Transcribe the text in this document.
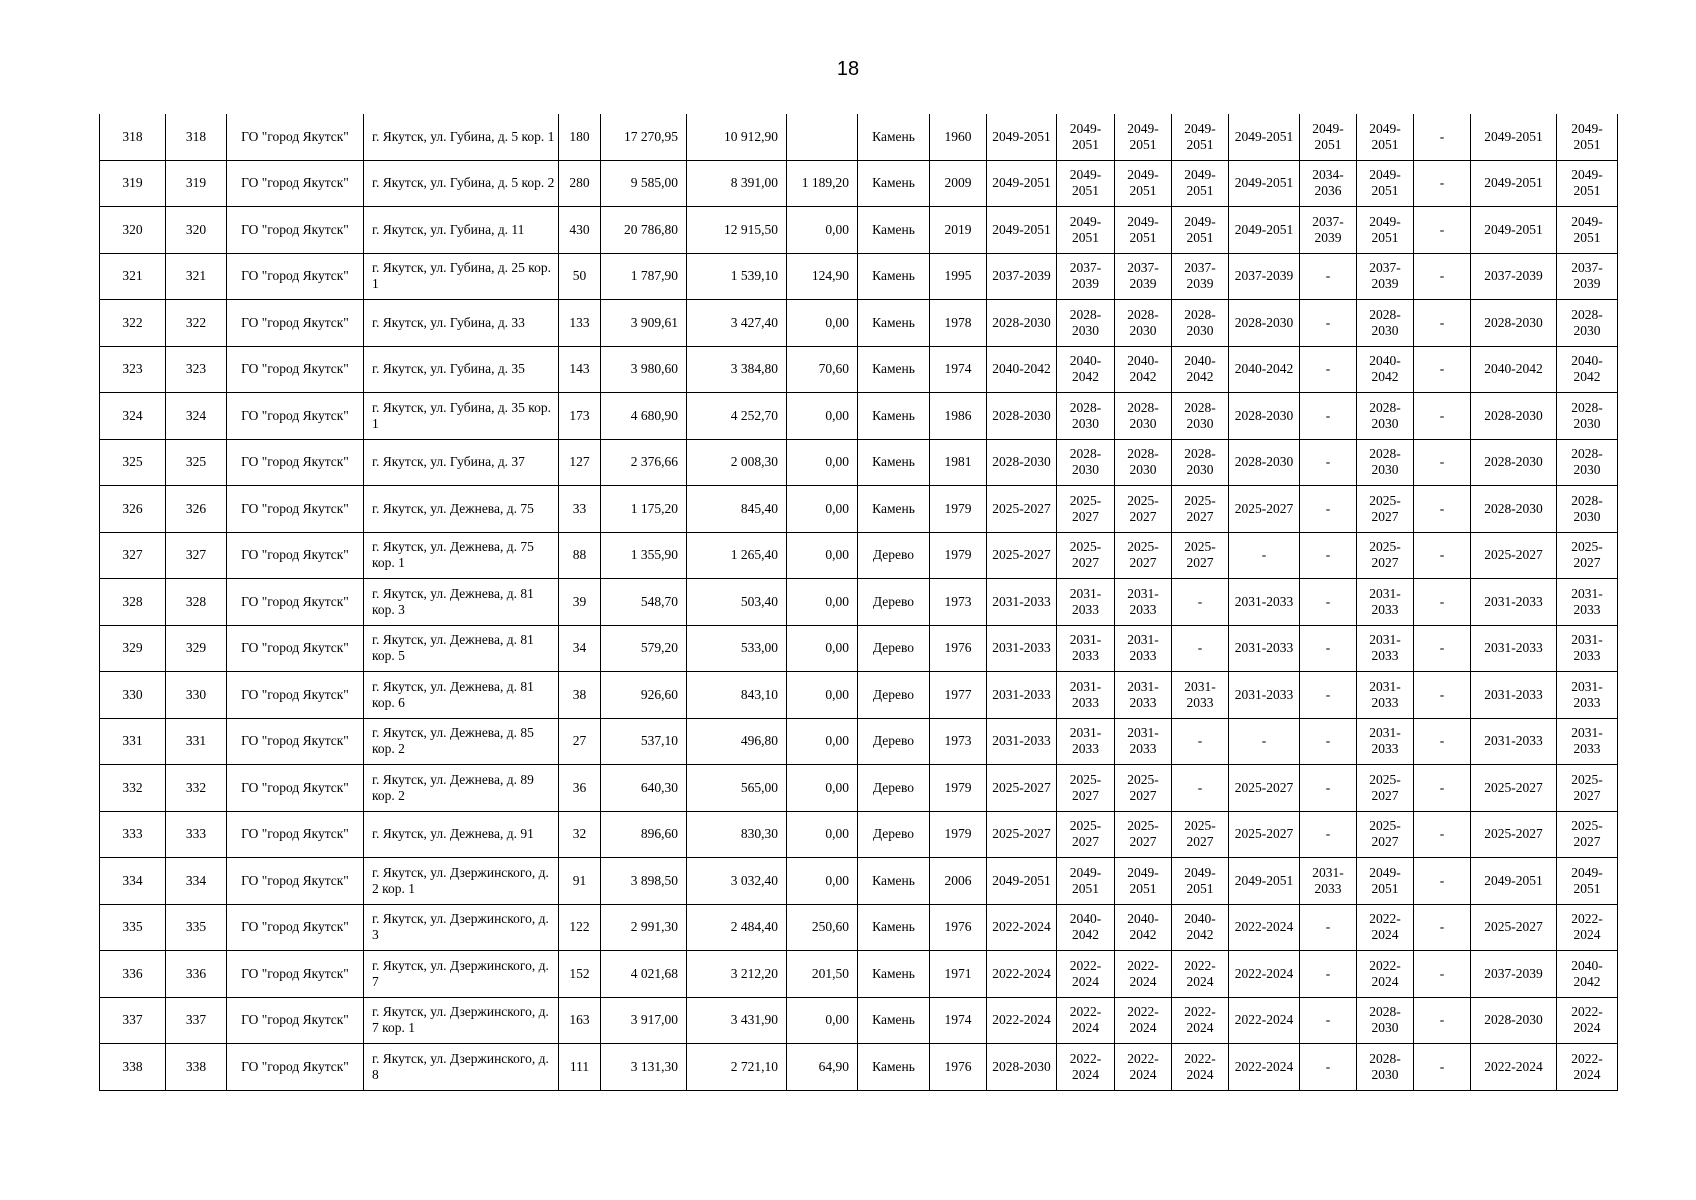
18
318	318	ГО "город Якутск"	г. Якутск, ул. Губина, д. 5 кор. 1	180	17 270,95	10 912,90		Камень	1960	2049-2051	2049-2051	2049-2051	2049-2051	2049-2051	2049-2051	2049-2051	-	2049-2051	2049-2051
319	319	ГО "город Якутск"	г. Якутск, ул. Губина, д. 5 кор. 2	280	9 585,00	8 391,00	1 189,20	Камень	2009	2049-2051	2049-2051	2049-2051	2049-2051	2049-2051	2034-2036	2049-2051	-	2049-2051	2049-2051
320	320	ГО "город Якутск"	г. Якутск, ул. Губина, д. 11	430	20 786,80	12 915,50	0,00	Камень	2019	2049-2051	2049-2051	2049-2051	2049-2051	2049-2051	2037-2039	2049-2051	-	2049-2051	2049-2051
321	321	ГО "город Якутск"	г. Якутск, ул. Губина, д. 25 кор. 1	50	1 787,90	1 539,10	124,90	Камень	1995	2037-2039	2037-2039	2037-2039	2037-2039	2037-2039	-	2037-2039	-	2037-2039	2037-2039
322	322	ГО "город Якутск"	г. Якутск, ул. Губина, д. 33	133	3 909,61	3 427,40	0,00	Камень	1978	2028-2030	2028-2030	2028-2030	2028-2030	2028-2030	-	2028-2030	-	2028-2030	2028-2030
323	323	ГО "город Якутск"	г. Якутск, ул. Губина, д. 35	143	3 980,60	3 384,80	70,60	Камень	1974	2040-2042	2040-2042	2040-2042	2040-2042	2040-2042	-	2040-2042	-	2040-2042	2040-2042
324	324	ГО "город Якутск"	г. Якутск, ул. Губина, д. 35 кор. 1	173	4 680,90	4 252,70	0,00	Камень	1986	2028-2030	2028-2030	2028-2030	2028-2030	2028-2030	-	2028-2030	-	2028-2030	2028-2030
325	325	ГО "город Якутск"	г. Якутск, ул. Губина, д. 37	127	2 376,66	2 008,30	0,00	Камень	1981	2028-2030	2028-2030	2028-2030	2028-2030	2028-2030	-	2028-2030	-	2028-2030	2028-2030
326	326	ГО "город Якутск"	г. Якутск, ул. Дежнева, д. 75	33	1 175,20	845,40	0,00	Камень	1979	2025-2027	2025-2027	2025-2027	2025-2027	2025-2027	-	2025-2027	-	2028-2030	2028-2030
327	327	ГО "город Якутск"	г. Якутск, ул. Дежнева, д. 75 кор. 1	88	1 355,90	1 265,40	0,00	Дерево	1979	2025-2027	2025-2027	2025-2027	2025-2027	-	-	2025-2027	-	2025-2027	2025-2027
328	328	ГО "город Якутск"	г. Якутск, ул. Дежнева, д. 81 кор. 3	39	548,70	503,40	0,00	Дерево	1973	2031-2033	2031-2033	2031-2033	-	2031-2033	-	2031-2033	-	2031-2033	2031-2033
329	329	ГО "город Якутск"	г. Якутск, ул. Дежнева, д. 81 кор. 5	34	579,20	533,00	0,00	Дерево	1976	2031-2033	2031-2033	2031-2033	-	2031-2033	-	2031-2033	-	2031-2033	2031-2033
330	330	ГО "город Якутск"	г. Якутск, ул. Дежнева, д. 81 кор. 6	38	926,60	843,10	0,00	Дерево	1977	2031-2033	2031-2033	2031-2033	2031-2033	2031-2033	-	2031-2033	-	2031-2033	2031-2033
331	331	ГО "город Якутск"	г. Якутск, ул. Дежнева, д. 85 кор. 2	27	537,10	496,80	0,00	Дерево	1973	2031-2033	2031-2033	2031-2033	-	-	-	2031-2033	-	2031-2033	2031-2033
332	332	ГО "город Якутск"	г. Якутск, ул. Дежнева, д. 89 кор. 2	36	640,30	565,00	0,00	Дерево	1979	2025-2027	2025-2027	2025-2027	-	2025-2027	-	2025-2027	-	2025-2027	2025-2027
333	333	ГО "город Якутск"	г. Якутск, ул. Дежнева, д. 91	32	896,60	830,30	0,00	Дерево	1979	2025-2027	2025-2027	2025-2027	2025-2027	2025-2027	-	2025-2027	-	2025-2027	2025-2027
334	334	ГО "город Якутск"	г. Якутск, ул. Дзержинского, д. 2 кор. 1	91	3 898,50	3 032,40	0,00	Камень	2006	2049-2051	2049-2051	2049-2051	2049-2051	2049-2051	2031-2033	2049-2051	-	2049-2051	2049-2051
335	335	ГО "город Якутск"	г. Якутск, ул. Дзержинского, д. 3	122	2 991,30	2 484,40	250,60	Камень	1976	2022-2024	2040-2042	2040-2042	2040-2042	2022-2024	-	2022-2024	-	2025-2027	2022-2024
336	336	ГО "город Якутск"	г. Якутск, ул. Дзержинского, д. 7	152	4 021,68	3 212,20	201,50	Камень	1971	2022-2024	2022-2024	2022-2024	2022-2024	2022-2024	-	2022-2024	-	2037-2039	2040-2042
337	337	ГО "город Якутск"	г. Якутск, ул. Дзержинского, д. 7 кор. 1	163	3 917,00	3 431,90	0,00	Камень	1974	2022-2024	2022-2024	2022-2024	2022-2024	2022-2024	-	2028-2030	-	2028-2030	2022-2024
338	338	ГО "город Якутск"	г. Якутск, ул. Дзержинского, д. 8	111	3 131,30	2 721,10	64,90	Камень	1976	2028-2030	2022-2024	2022-2024	2022-2024	2022-2024	-	2028-2030	-	2022-2024	2022-2024
